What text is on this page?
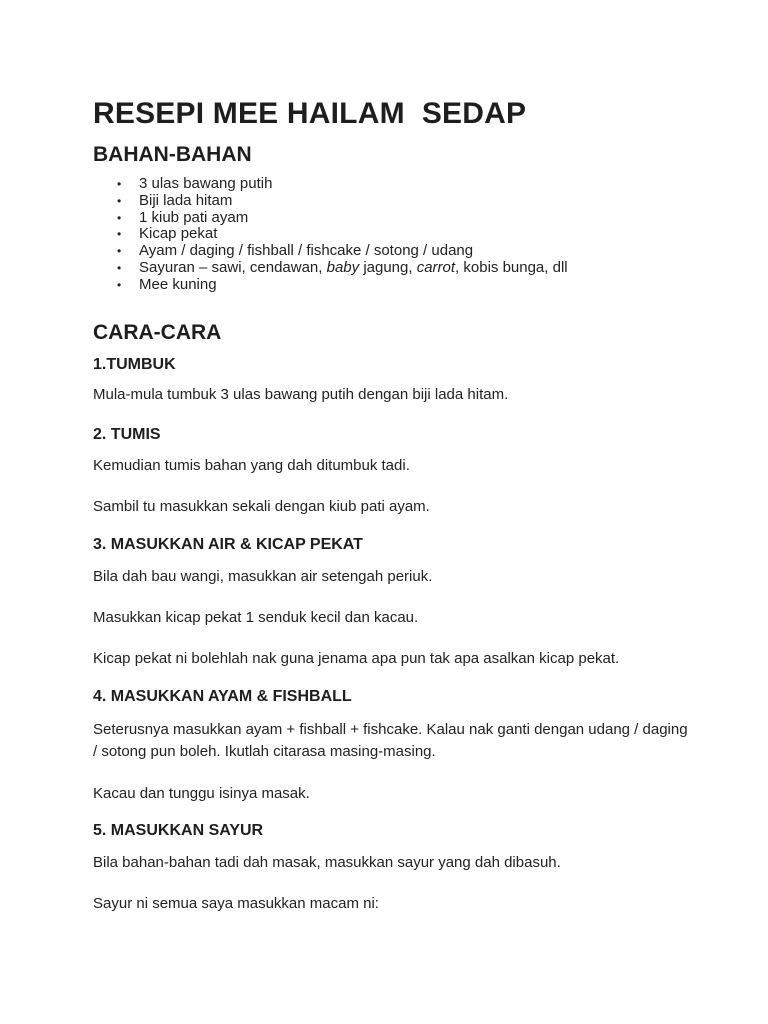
RESEPI MEE HAILAM  SEDAP
BAHAN-BAHAN
• 3 ulas bawang putih
• Biji lada hitam
• 1 kiub pati ayam
• Kicap pekat
• Ayam / daging / fishball / fishcake / sotong / udang
• Sayuran – sawi, cendawan, baby jagung, carrot, kobis bunga, dll
• Mee kuning
CARA-CARA
1.TUMBUK

Mula-mula tumbuk 3 ulas bawang putih dengan biji lada hitam.

2. TUMIS

Kemudian tumis bahan yang dah ditumbuk tadi.

Sambil tu masukkan sekali dengan kiub pati ayam.

3. MASUKKAN AIR & KICAP PEKAT

Bila dah bau wangi, masukkan air setengah periuk.

Masukkan kicap pekat 1 senduk kecil dan kacau.

Kicap pekat ni bolehlah nak guna jenama apa pun tak apa asalkan kicap pekat.

4. MASUKKAN AYAM & FISHBALL

Seterusnya masukkan ayam + fishball + fishcake. Kalau nak ganti dengan udang / daging / sotong pun boleh. Ikutlah citarasa masing-masing.

Kacau dan tunggu isinya masak.

5. MASUKKAN SAYUR

Bila bahan-bahan tadi dah masak, masukkan sayur yang dah dibasuh.

Sayur ni semua saya masukkan macam ni:
